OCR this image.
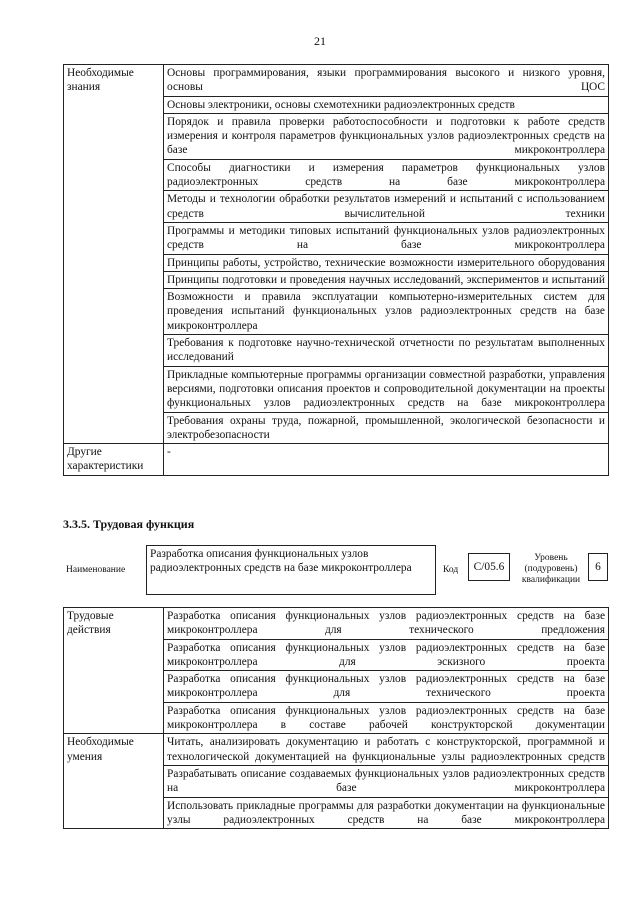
21
Необходимые знания	Основы программирования, языки программирования высокого и низкого уровня, основы ЦОС
	Основы электроники, основы схемотехники радиоэлектронных средств
	Порядок и правила проверки работоспособности и подготовки к работе средств измерения и контроля параметров функциональных узлов радиоэлектронных средств на базе микроконтроллера
	Способы диагностики и измерения параметров функциональных узлов радиоэлектронных средств на базе микроконтроллера
	Методы и технологии обработки результатов измерений и испытаний с использованием средств вычислительной техники
	Программы и методики типовых испытаний функциональных узлов радиоэлектронных средств на базе микроконтроллера
	Принципы работы, устройство, технические возможности измерительного оборудования
	Принципы подготовки и проведения научных исследований, экспериментов и испытаний
	Возможности и правила эксплуатации компьютерно-измерительных систем для проведения испытаний функциональных узлов радиоэлектронных средств на базе микроконтроллера
	Требования к подготовке научно-технической отчетности по результатам выполненных исследований
	Прикладные компьютерные программы организации совместной разработки, управления версиями, подготовки описания проектов и сопроводительной документации на проекты функциональных узлов радиоэлектронных средств на базе микроконтроллера
	Требования охраны труда, пожарной, промышленной, экологической безопасности и электробезопасности
Другие характеристики	-
3.3.5. Трудовая функция
Наименование
Разработка описания функциональных узлов радиоэлектронных средств на базе микроконтроллера	Код	C/05.6
Уровень (подуровень) квалификации
6
Трудовые действия	Разработка описания функциональных узлов радиоэлектронных средств на базе микроконтроллера для технического предложения
	Разработка описания функциональных узлов радиоэлектронных средств на базе микроконтроллера для эскизного проекта
	Разработка описания функциональных узлов радиоэлектронных средств на базе микроконтроллера для технического проекта
	Разработка описания функциональных узлов радиоэлектронных средств на базе микроконтроллера в составе рабочей конструкторской документации
Необходимые умения	Читать, анализировать документацию и работать с конструкторской, программной и технологической документацией на функциональные узлы радиоэлектронных средств
	Разрабатывать описание создаваемых функциональных узлов радиоэлектронных средств на базе микроконтроллера
	Использовать прикладные программы для разработки документации на функциональные узлы радиоэлектронных средств на базе микроконтроллера
